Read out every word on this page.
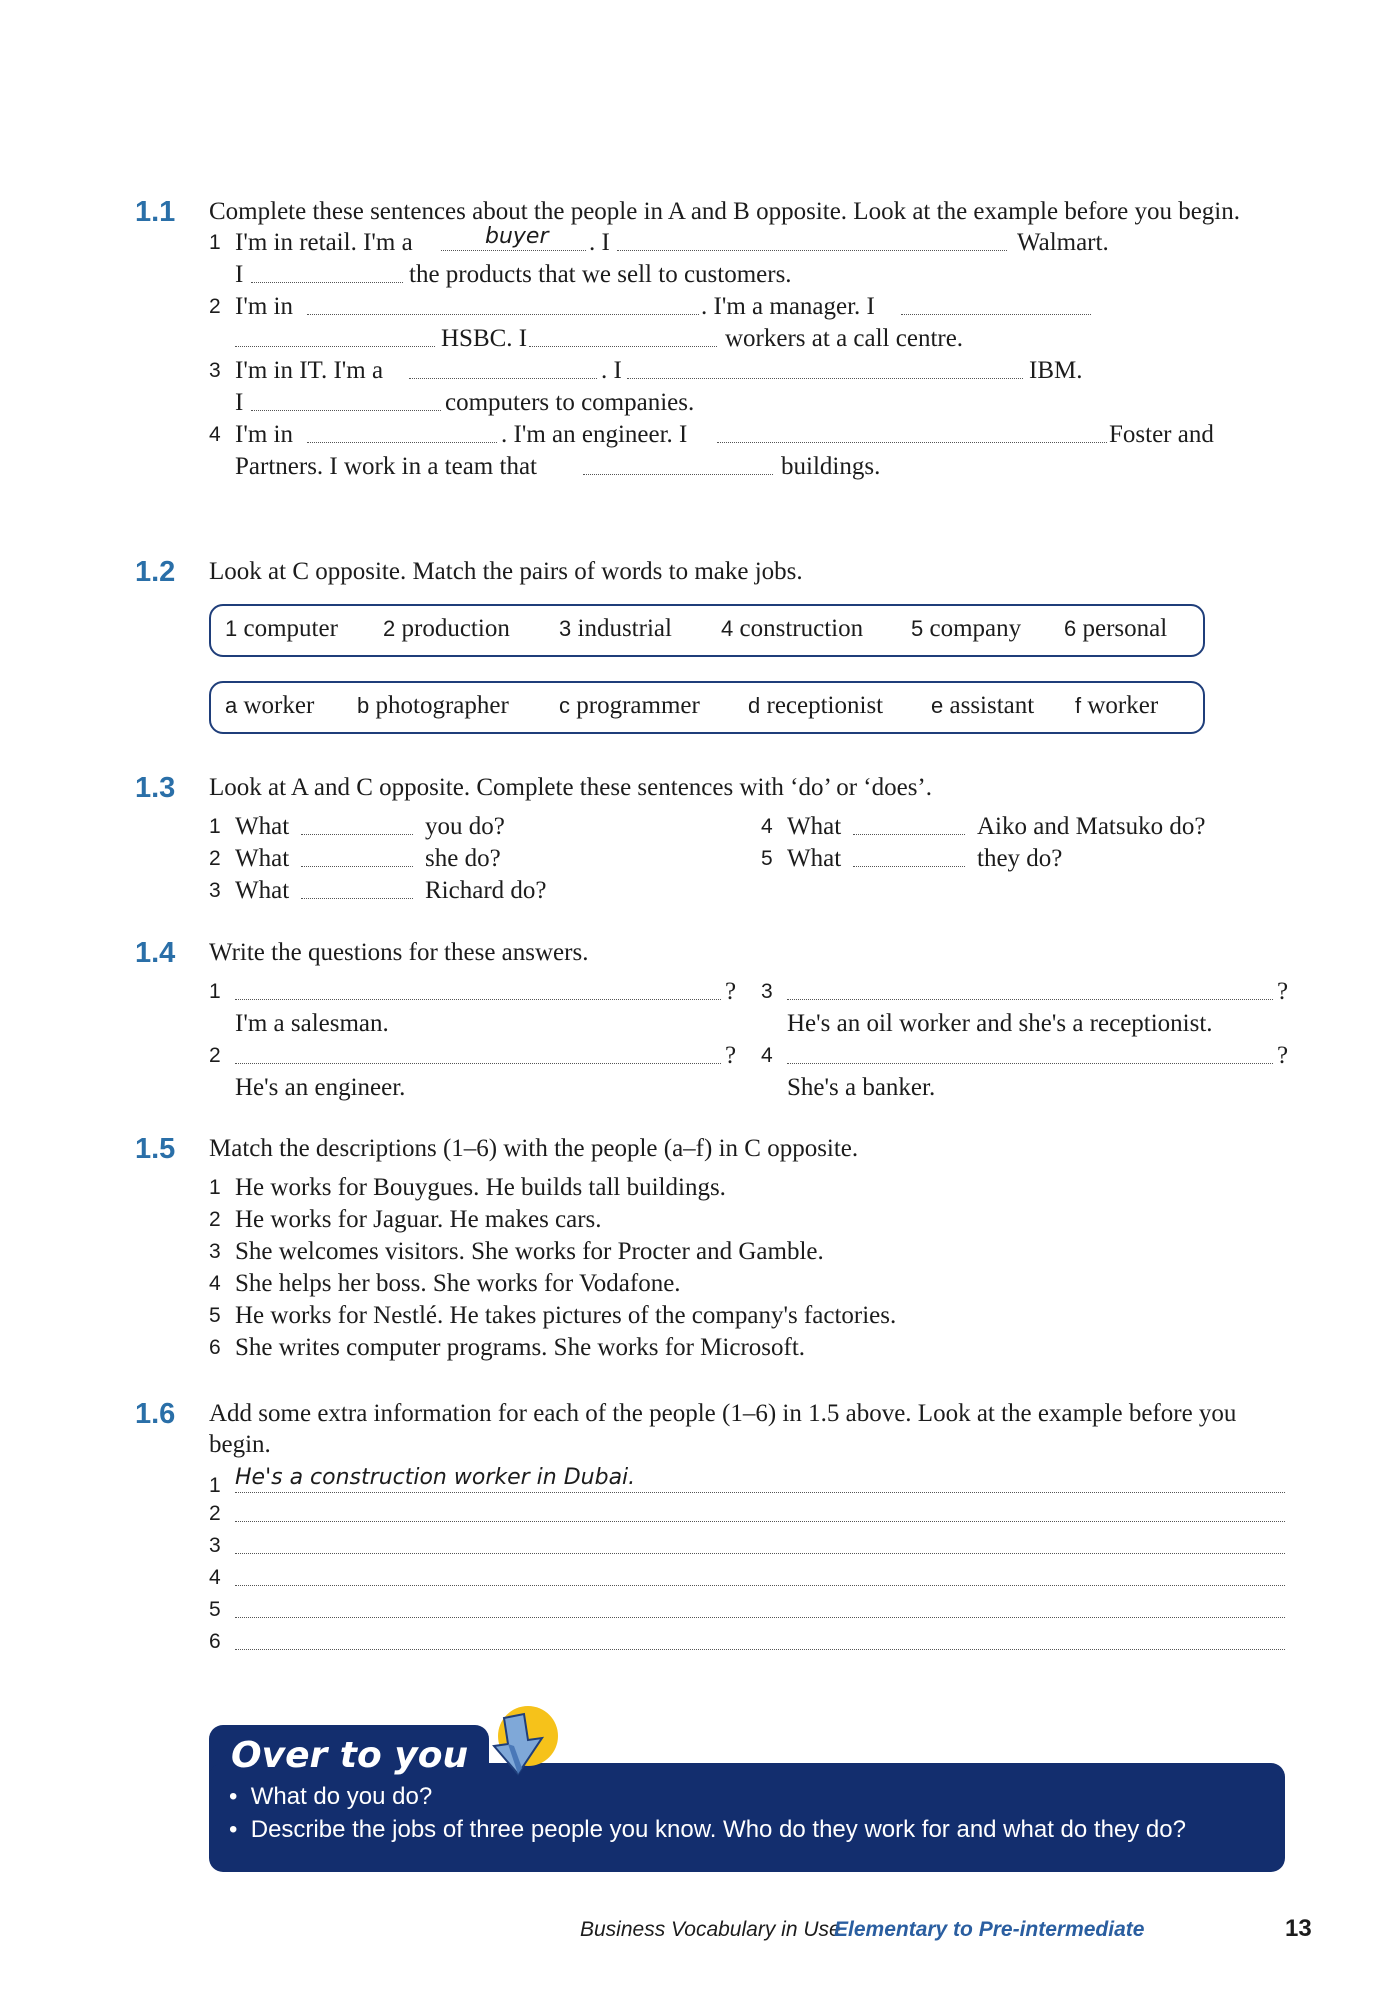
1.1 Complete these sentences about the people in A and B opposite. Look at the example before you begin.
1 I'm in retail. I'm a	buyer . I	Walmart.
I	the products that we sell to customers.
2 I'm in	. I'm a manager. I
HSBC. I	workers at a call centre.
3 I'm in IT. I'm a	. I	IBM.
I	computers to companies.
4 I'm in	. I'm an engineer. I	Foster and
Partners. I work in a team that	buildings.
1.2 Look at C opposite. Match the pairs of words to make jobs.
1 computer 2 production 3 industrial 4 construction 5 company 6 personal
a worker b photographer c programmer d receptionist e assistant f worker
1.3 Look at A and C opposite. Complete these sentences with ‘do’ or ‘does’.
1 What	you do?
2 What	she do?
3 What	Richard do?
4 What	Aiko and Matsuko do?
5 What	they do?
1.4 Write the questions for these answers.
1	?
I'm a salesman.
2	?
He's an engineer.
3	?
He's an oil worker and she's a receptionist.
4	?
She's a banker.
1.5 Match the descriptions (1–6) with the people (a–f) in C opposite.
1 He works for Bouygues. He builds tall buildings.
2 He works for Jaguar. He makes cars.
3 She welcomes visitors. She works for Procter and Gamble.
4 She helps her boss. She works for Vodafone.
5 He works for Nestlé. He takes pictures of the company's factories.
6 She writes computer programs. She works for Microsoft.
1.6 Add some extra information for each of the people (1–6) in 1.5 above. Look at the example before you begin.
1 He's a construction worker in Dubai.
2
3
4
5
6
Over to you
• What do you do?
• Describe the jobs of three people you know. Who do they work for and what do they do?
Business Vocabulary in Use
Elementary to Pre-intermediate	13
